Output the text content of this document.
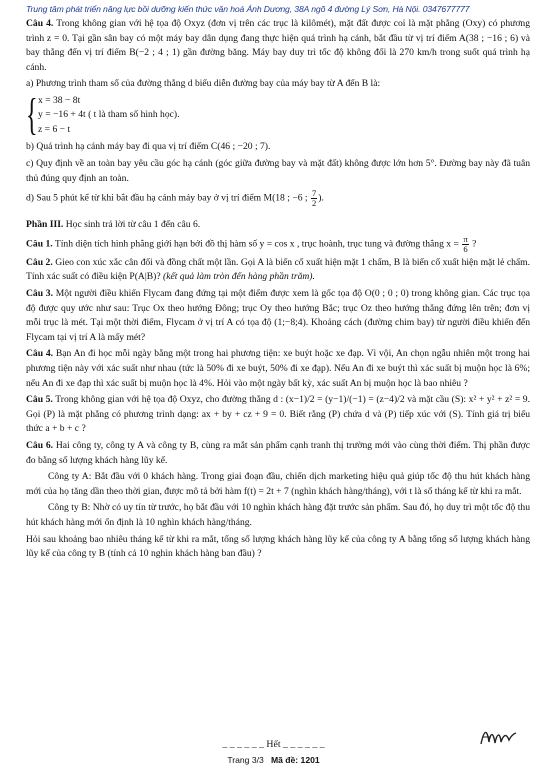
Trung tâm phát triển năng lực bồi dưỡng kiến thức văn hoá Ánh Dương, 38A ngõ 4 đường Lý Sơn, Hà Nội. 0347677777

Câu 4. Trong không gian với hệ tọa độ Oxyz (đơn vị trên các trục là kilômét), mặt đất được coi là mặt phẳng (Oxy) có phương trình z = 0. Tại gần sân bay có một máy bay dân dụng đang thực hiện quá trình hạ cánh, bắt đầu từ vị trí điểm A(38 ; −16 ; 6) và bay thẳng đến vị trí điểm B(−2 ; 4 ; 1) gần đường băng. Máy bay duy trì tốc độ không đổi là 270 km/h trong suốt quá trình hạ cánh.

a) Phương trình tham số của đường thẳng d biểu diễn đường bay của máy bay từ A đến B là:

{ x = 38 − 8t
y = −16 + 4t ( t là tham số hình học).
z = 6 − t

b) Quá trình hạ cánh máy bay đi qua vị trí điểm C(46 ; −20 ; 7).

c) Quy định về an toàn bay yêu cầu góc hạ cánh (góc giữa đường bay và mặt đất) không được lớn hơn 5°. Đường bay này đã tuân thủ đúng quy định an toàn.

d) Sau 5 phút kể từ khi bắt đầu hạ cánh máy bay ở vị trí điểm M(18 ; −6 ; $\frac{7}{2}$ ).

Phần III. Học sinh trả lời từ câu 1 đến câu 6.

Câu 1. Tính diện tích hình phẳng giới hạn bởi đồ thị hàm số y = cos x , trục hoành, trục tung và đường thẳng $x = \frac{\pi}{6}$ ?

Câu 2. Gieo con xúc xắc cân đối và đồng chất một lần. Gọi A là biến cố xuất hiện mặt 1 chấm, B là biến cố xuất hiện mặt lẻ chấm. Tính xác suất có điều kiện P(A|B)? (kết quả làm tròn đến hàng phần trăm).

Câu 3. Một người điều khiển Flycam đang đứng tại một điểm được xem là gốc tọa độ O(0 ; 0 ; 0) trong không gian. Các trục tọa độ được quy ước như sau: Trục Ox theo hướng Đông; trục Oy theo hướng Bắc; trục Oz theo hướng thẳng đứng lên trên; đơn vị mỗi trục là mét. Tại một thời điểm, Flycam ở vị trí A có tọa độ (1;−8;4). Khoảng cách (đường chim bay) từ người điều khiển đến Flycam tại vị trí A là mấy mét?

Câu 4. Bạn An đi học mỗi ngày bằng một trong hai phương tiện: xe buýt hoặc xe đạp. Vì vội, An chọn ngẫu nhiên một trong hai phương tiện này với xác suất như nhau (tức là 50% đi xe buýt, 50% đi xe đạp). Nếu An đi xe buýt thì xác suất bị muộn học là 6%; nếu An đi xe đạp thì xác suất bị muộn học là 4%. Hỏi vào một ngày bất kỳ, xác suất An bị muộn học là bao nhiêu ?

Câu 5. Trong không gian với hệ tọa độ Oxyz, cho đường thẳng d : (x−1)/2 = (y−1)/(−1) = (z−4)/2 và mặt cầu (S): x² + y² + z² = 9. Gọi (P) là mặt phẳng có phương trình dạng: ax + by + cz + 9 = 0. Biết rằng (P) chứa d và (P) tiếp xúc với (S). Tính giá trị biểu thức a + b + c ?

Câu 6. Hai công ty, công ty A và công ty B, cùng ra mắt sản phẩm cạnh tranh thị trường mới vào cùng thời điểm. Thị phần được đo bằng số lượng khách hàng lũy kế.

Công ty A: Bắt đầu với 0 khách hàng. Trong giai đoạn đầu, chiến dịch marketing hiệu quả giúp tốc độ thu hút khách hàng mới của họ tăng dần theo thời gian, được mô tả bởi hàm f(t) = 2t + 7 (nghìn khách hàng/tháng), với t là số tháng kể từ khi ra mắt.

Công ty B: Nhờ có uy tín từ trước, họ bắt đầu với 10 nghìn khách hàng đặt trước sản phẩm. Sau đó, họ duy trì một tốc độ thu hút khách hàng mới ổn định là 10 nghìn khách hàng/tháng.

Hỏi sau khoảng bao nhiêu tháng kể từ khi ra mắt, tổng số lượng khách hàng lũy kế của công ty A bằng tổng số lượng khách hàng lũy kế của công ty B (tính cả 10 nghìn khách hàng ban đầu) ?

_ _ _ _ _ _ Hết _ _ _ _ _ _
Trang 3/3 Mã đề: 1201
